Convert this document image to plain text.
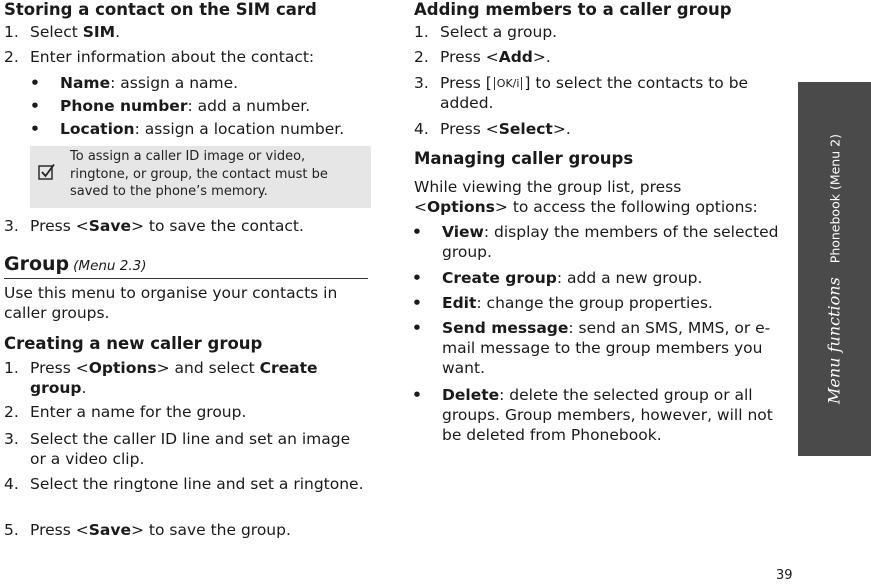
Storing a contact on the SIM card
1. Select SIM.
2. Enter information about the contact:
• Name: assign a name.
• Phone number: add a number.
• Location: assign a location number.
To assign a caller ID image or video, ringtone, or group, the contact must be saved to the phone’s memory.
3. Press <Save> to save the contact.
Group (Menu 2.3)
Use this menu to organise your contacts in caller groups.
Creating a new caller group
1. Press <Options> and select Create group.
2. Enter a name for the group.
3. Select the caller ID line and set an image or a video clip.
4. Select the ringtone line and set a ringtone.
5. Press <Save> to save the group.
Adding members to a caller group
1. Select a group.
2. Press <Add>.
3. Press [ OK/i ] to select the contacts to be added.
4. Press <Select>.
Managing caller groups
While viewing the group list, press <Options> to access the following options:
• View: display the members of the selected group.
• Create group: add a new group.
• Edit: change the group properties.
• Send message: send an SMS, MMS, or e-mail message to the group members you want.
• Delete: delete the selected group or all groups. Group members, however, will not be deleted from Phonebook.
Menu functionsPhonebook (Menu 2)
39
